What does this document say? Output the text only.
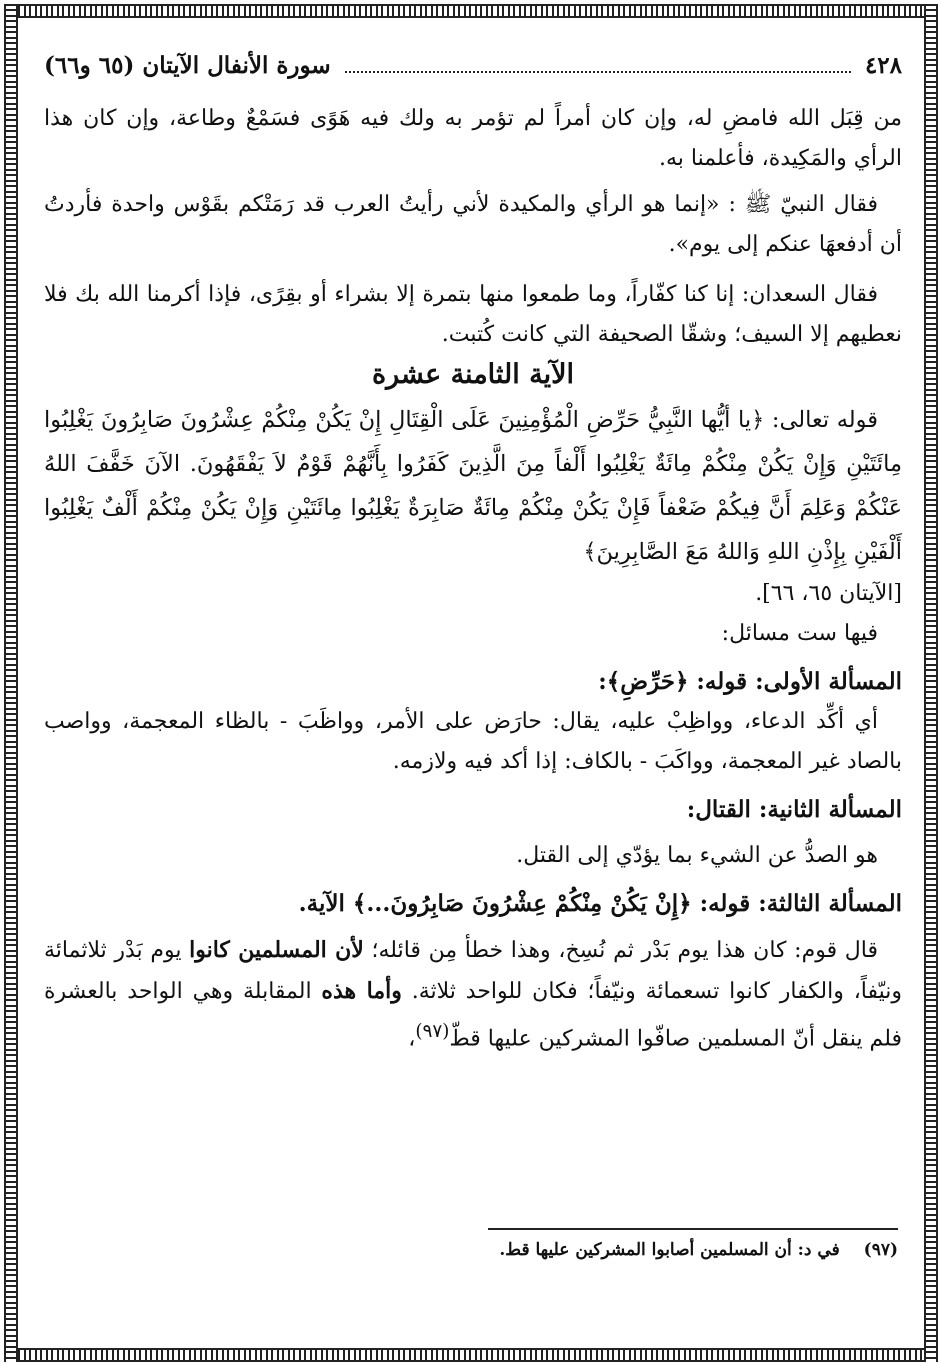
٤٢٨
سورة الأنفال الآيتان (٦٥ و٦٦)

من قِبَل الله فامضِ له، وإن كان أمراً لم تؤمر به ولك فيه هَوًى فسَمْعٌ وطاعة، وإن كان هذا الرأي والمَكِيدة، فأعلمنا به.

فقال النبيّ ﷺ : «إنما هو الرأي والمكيدة لأني رأيتُ العرب قد رَمَتْكم بقَوْس واحدة فأردتُ أن أدفعهَا عنكم إلى يوم».

فقال السعدان: إنا كنا كفّاراً، وما طمعوا منها بتمرة إلا بشراء أو بقِرًى، فإذا أكرمنا الله بك فلا نعطيهم إلا السيف؛ وشقّا الصحيفة التي كانت كُتبت.

الآية الثامنة عشرة

قوله تعالى: ﴿يا أيُّها النَّبِيُّ حَرِّضِ الْمُؤْمِنِينَ عَلَى الْقِتَالِ إِنْ يَكُنْ مِنْكُمْ عِشْرُونَ صَابِرُونَ يَغْلِبُوا مِائَتَيْنِ وَإِنْ يَكُنْ مِنْكُمْ مِائَةٌ يَغْلِبُوا أَلْفاً مِنَ الَّذِينَ كَفَرُوا بِأَنَّهُمْ قَوْمٌ لاَ يَفْقَهُونَ. الآنَ خَفَّفَ اللهُ عَنْكُمْ وَعَلِمَ أَنَّ فِيكُمْ ضَعْفاً فَإِنْ يَكُنْ مِنْكُمْ مِائَةٌ صَابِرَةٌ يَغْلِبُوا مِائَتَيْنِ وَإِنْ يَكُنْ مِنْكُمْ أَلْفٌ يَغْلِبُوا أَلْفَيْنِ بِإِذْنِ اللهِ وَاللهُ مَعَ الصَّابِرِينَ﴾

[الآيتان ٦٥، ٦٦].

فيها ست مسائل:

المسألة الأولى: قوله: ﴿حَرِّضِ﴾:

أي أكِّد الدعاء، وواظِبْ عليه، يقال: حارَض على الأمر، وواظَبَ - بالظاء المعجمة، وواصب بالصاد غير المعجمة، وواكَبَ - بالكاف: إذا أكد فيه ولازمه.

المسألة الثانية: القتال:

هو الصدُّ عن الشيء بما يؤدّي إلى القتل.

المسألة الثالثة: قوله: ﴿إِنْ يَكُنْ مِنْكُمْ عِشْرُونَ صَابِرُونَ...﴾ الآية.

قال قوم: كان هذا يوم بَدْر ثم نُسِخ، وهذا خطأ مِن قائله؛ لأن المسلمين كانوا يوم بَدْر ثلاثمائة ونيّفاً، والكفار كانوا تسعمائة ونيّفاً؛ فكان للواحد ثلاثة. وأما هذه المقابلة وهي الواحد بالعشرة فلم ينقل أنّ المسلمين صافّوا المشركين عليها قطّ$^{(٩٧)}$،

(٩٧) في د: أن المسلمين أصابوا المشركين عليها قط.
